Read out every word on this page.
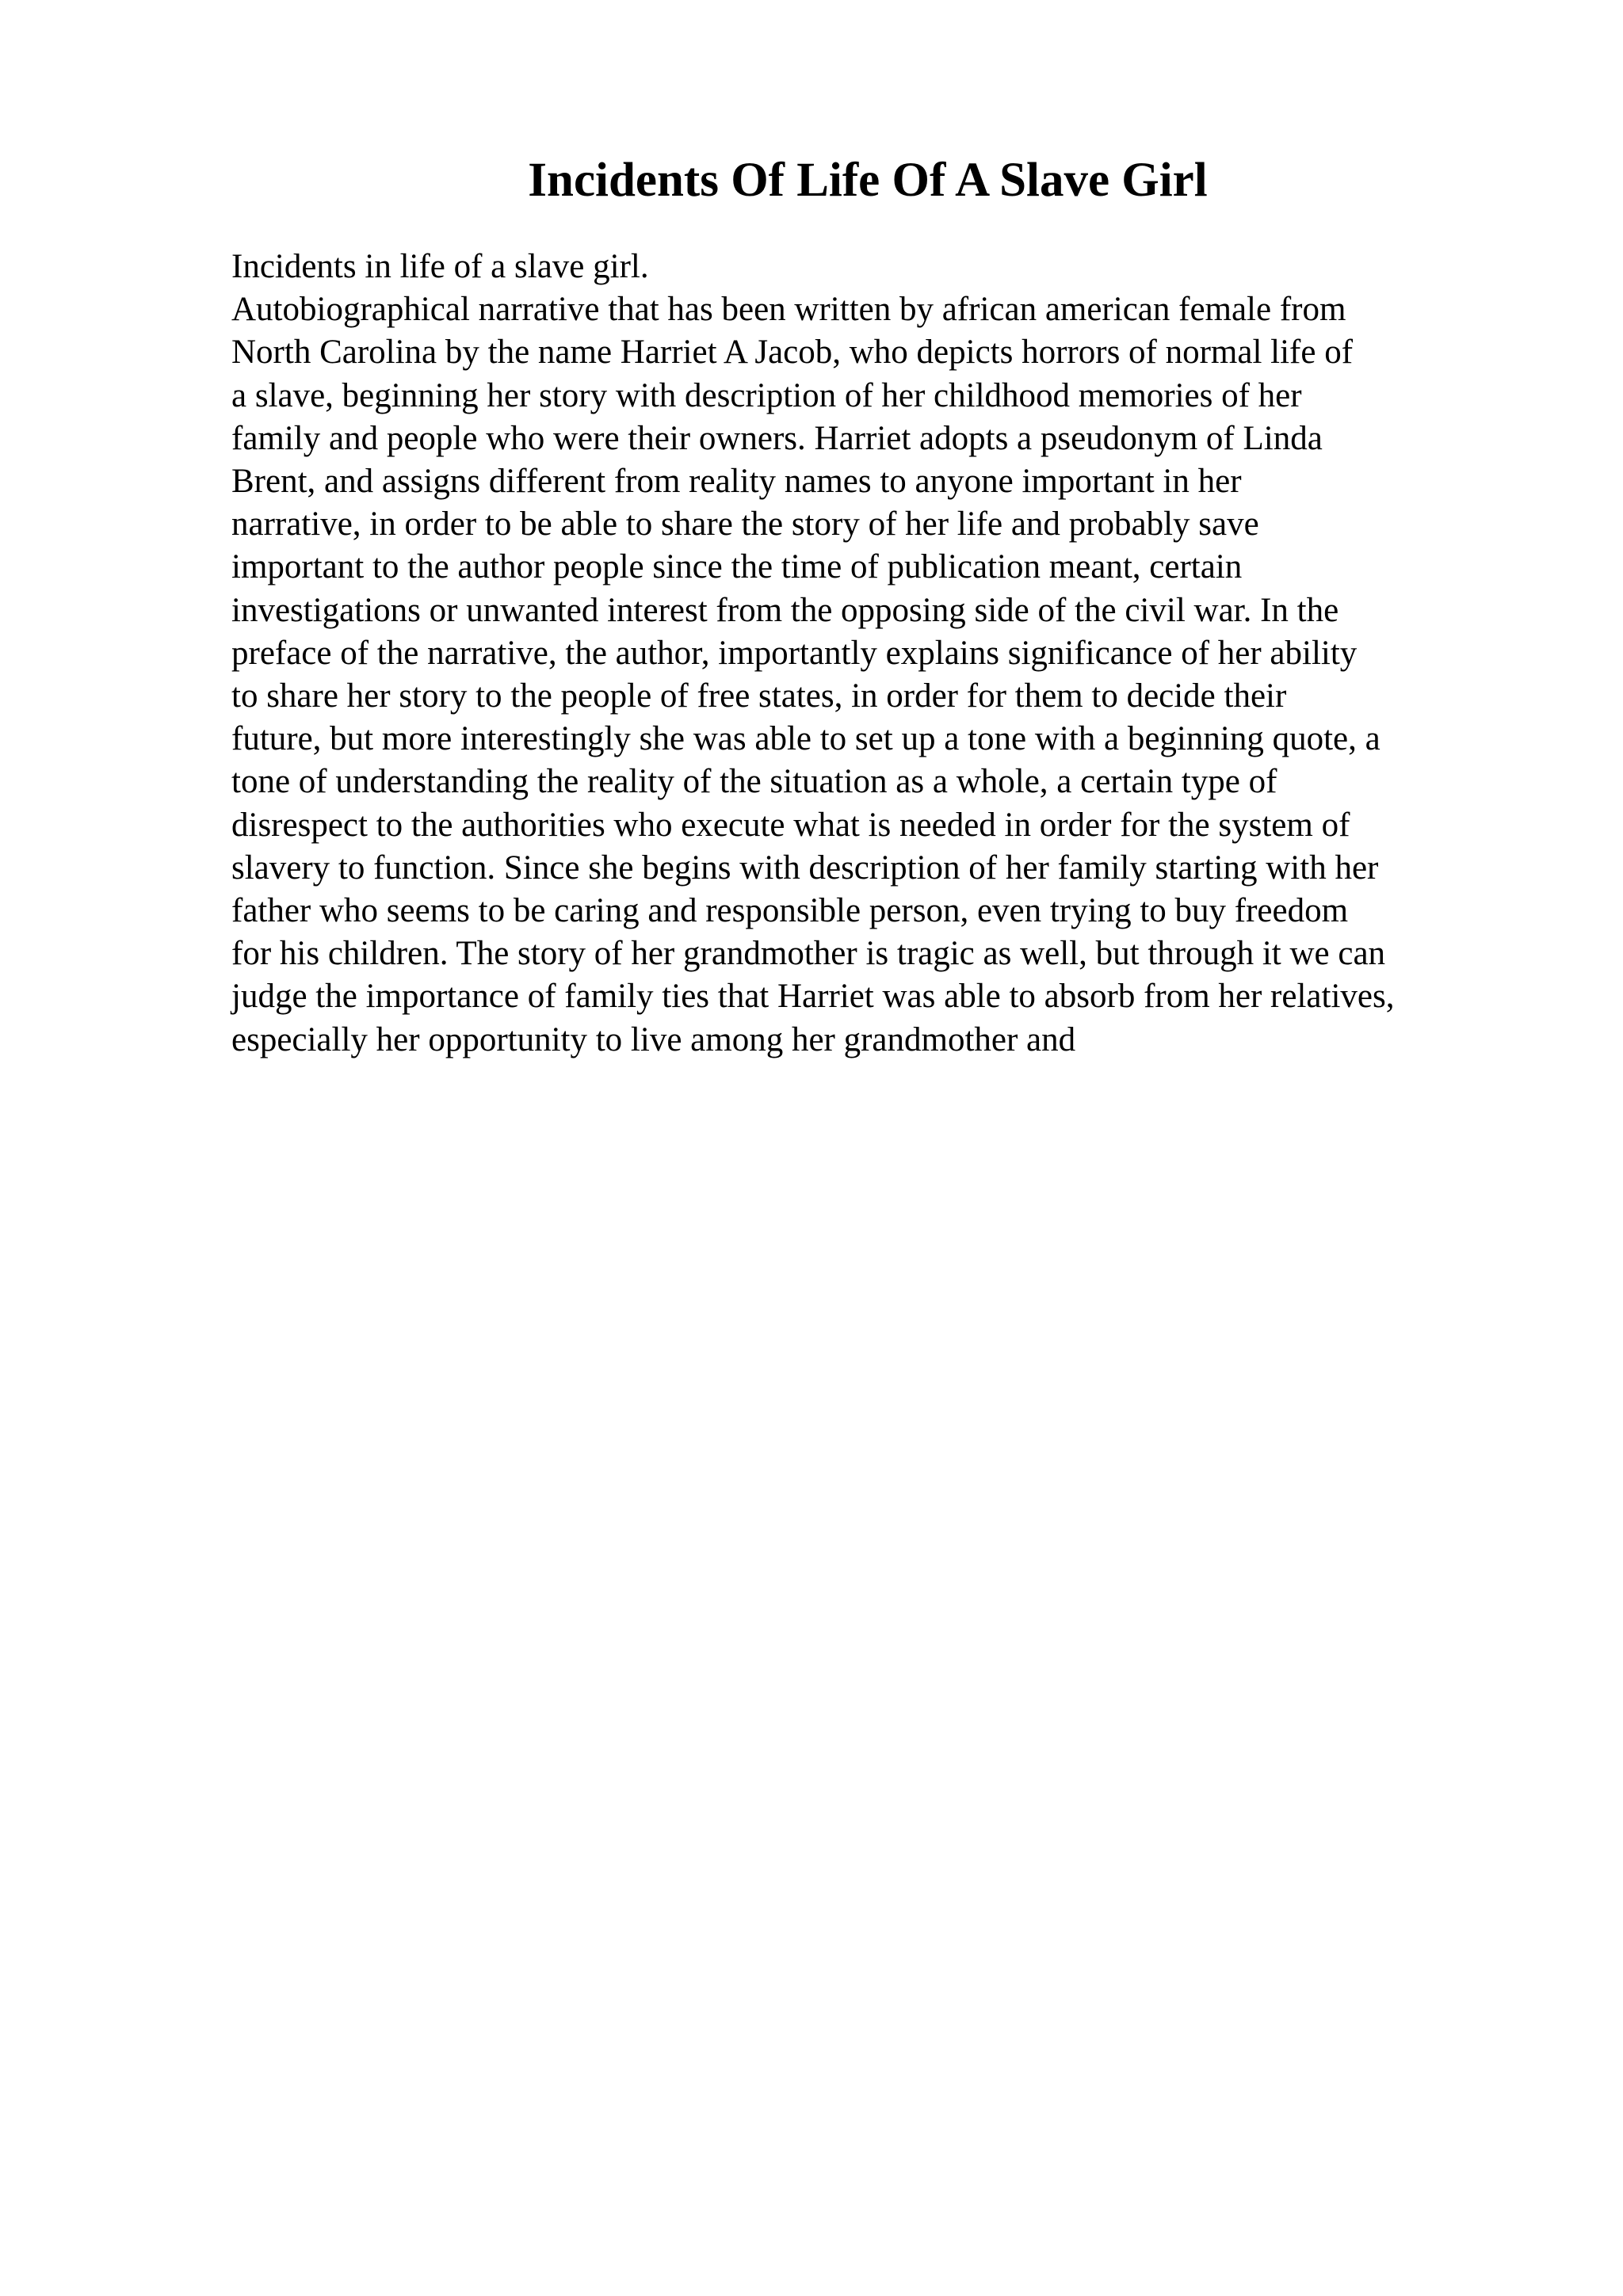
Incidents Of Life Of A Slave Girl
Incidents in life of a slave girl.
Autobiographical narrative that has been written by african american female from
North Carolina by the name Harriet A Jacob, who depicts horrors of normal life of
a slave, beginning her story with description of her childhood memories of her
family and people who were their owners. Harriet adopts a pseudonym of Linda
Brent, and assigns different from reality names to anyone important in her
narrative, in order to be able to share the story of her life and probably save
important to the author people since the time of publication meant, certain
investigations or unwanted interest from the opposing side of the civil war. In the
preface of the narrative, the author, importantly explains significance of her ability
to share her story to the people of free states, in order for them to decide their
future, but more interestingly she was able to set up a tone with a beginning quote, a
tone of understanding the reality of the situation as a whole, a certain type of
disrespect to the authorities who execute what is needed in order for the system of
slavery to function. Since she begins with description of her family starting with her
father who seems to be caring and responsible person, even trying to buy freedom
for his children. The story of her grandmother is tragic as well, but through it we can
judge the importance of family ties that Harriet was able to absorb from her relatives,
especially her opportunity to live among her grandmother and
